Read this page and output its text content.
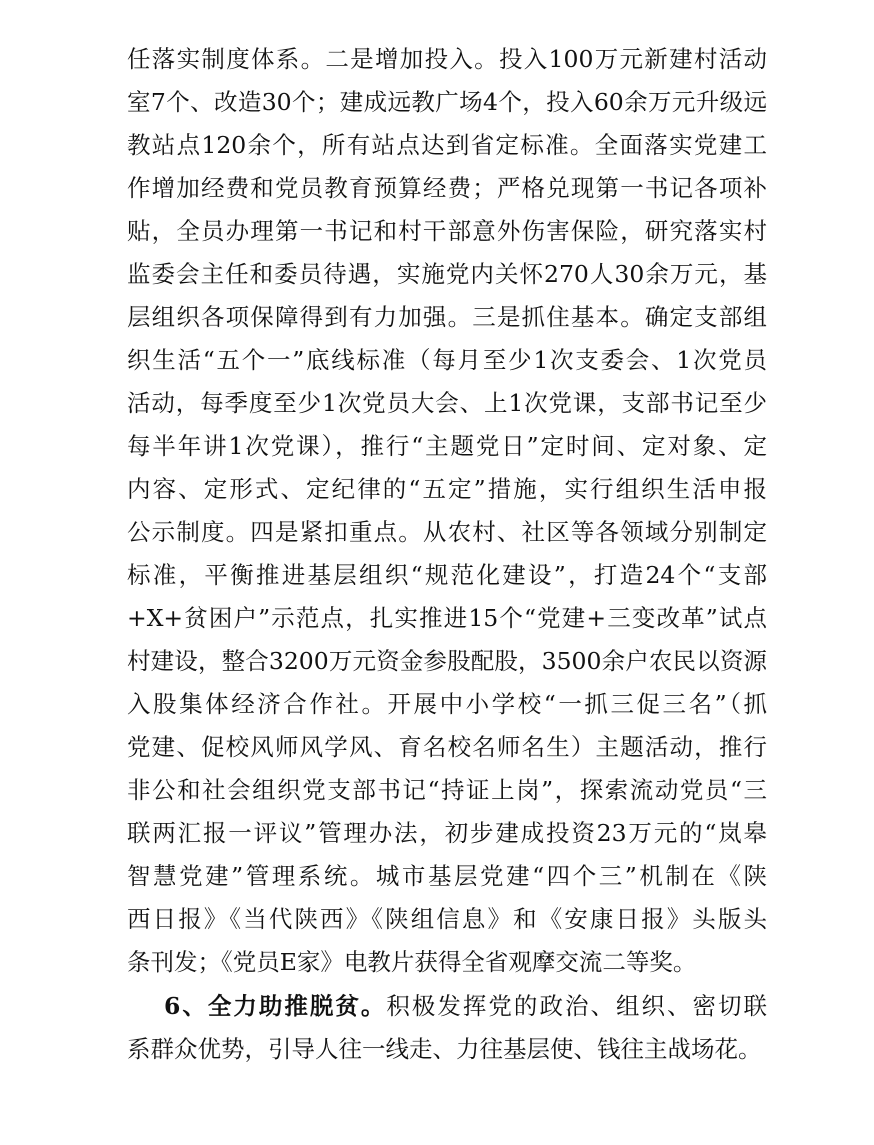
任落实制度体系。二是增加投入。投入100万元新建村活动
室7个、改造30个；建成远教广场4个，投入60余万元升级远
教站点120余个，所有站点达到省定标准。全面落实党建工
作增加经费和党员教育预算经费；严格兑现第一书记各项补
贴，全员办理第一书记和村干部意外伤害保险，研究落实村
监委会主任和委员待遇，实施党内关怀270人30余万元，基
层组织各项保障得到有力加强。三是抓住基本。确定支部组
织生活“五个一”底线标准（每月至少1次支委会、1次党员
活动，每季度至少1次党员大会、上1次党课，支部书记至少
每半年讲1次党课），推行“主题党日”定时间、定对象、定
内容、定形式、定纪律的“五定”措施，实行组织生活申报
公示制度。四是紧扣重点。从农村、社区等各领域分别制定
标准，平衡推进基层组织“规范化建设”，打造24个“支部
+X+贫困户”示范点，扎实推进15个“党建+三变改革”试点
村建设，整合3200万元资金参股配股，3500余户农民以资源
入股集体经济合作社。开展中小学校“一抓三促三名”（抓
党建、促校风师风学风、育名校名师名生）主题活动，推行
非公和社会组织党支部书记“持证上岗”，探索流动党员“三
联两汇报一评议”管理办法，初步建成投资23万元的“岚皋
智慧党建”管理系统。城市基层党建“四个三”机制在《陕
西日报》《当代陕西》《陕组信息》和《安康日报》头版头
条刊发；《党员E家》电教片获得全省观摩交流二等奖。
6、全力助推脱贫。积极发挥党的政治、组织、密切联
系群众优势，引导人往一线走、力往基层使、钱往主战场花。
